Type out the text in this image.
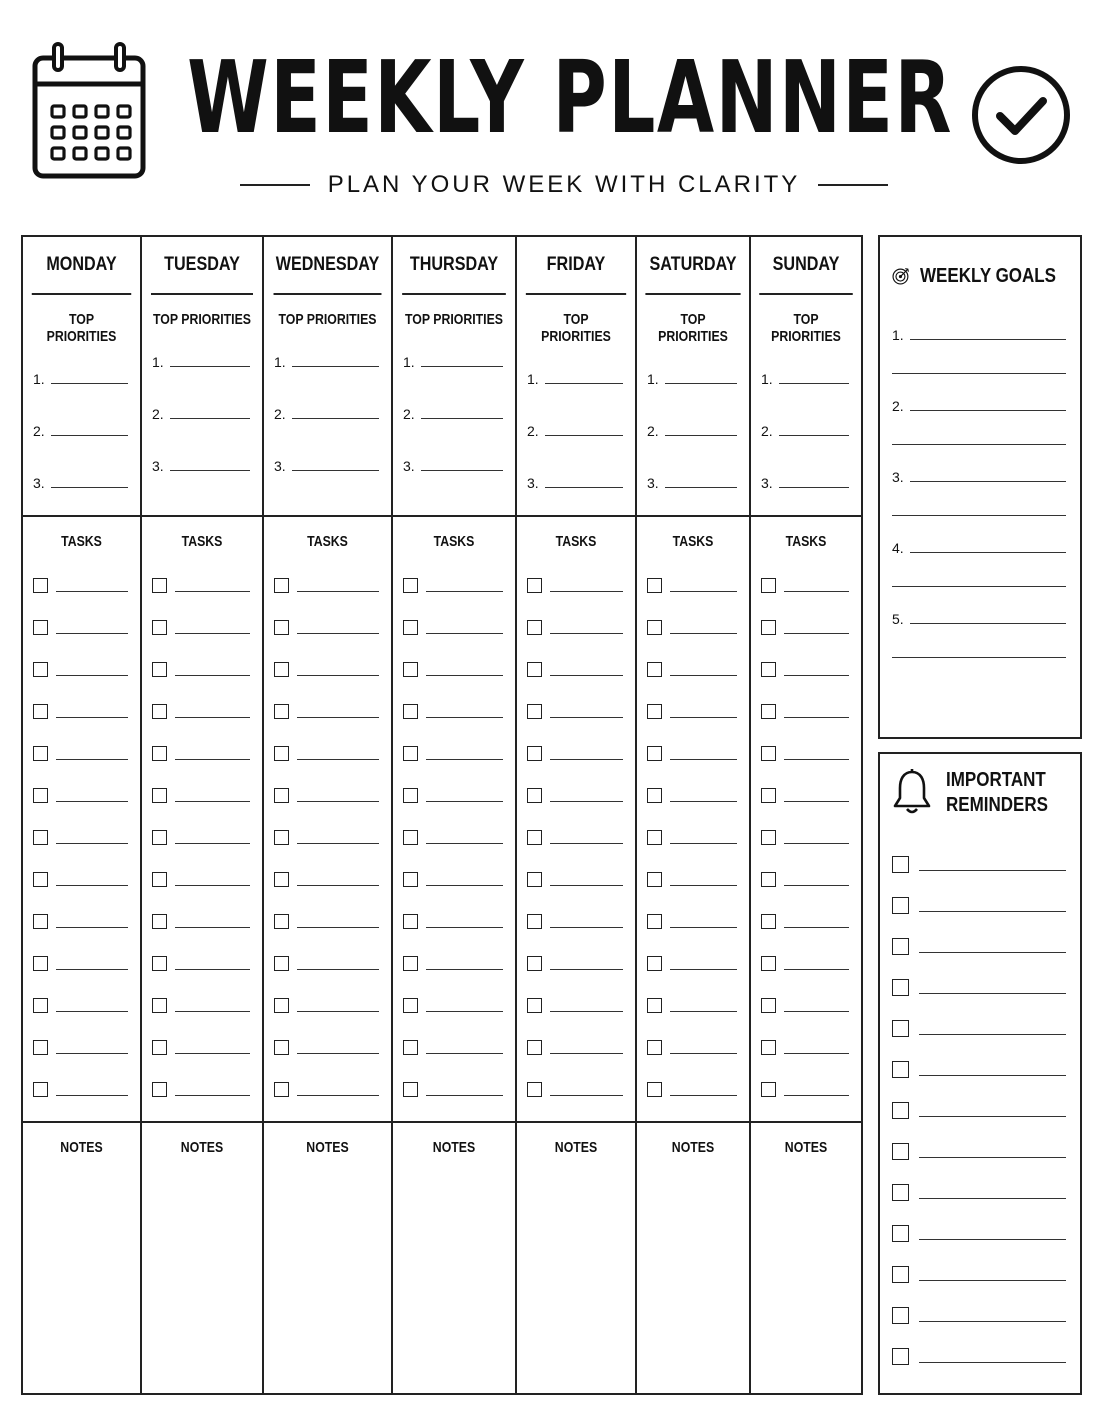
WEEKLY PLANNER
PLAN YOUR WEEK WITH CLARITY
MONDAY
TOP PRIORITIES
1.
2.
3.
TASKS
NOTES
TUESDAY
TOP PRIORITIES
1.
2.
3.
TASKS
NOTES
WEDNESDAY
TOP PRIORITIES
1.
2.
3.
TASKS
NOTES
THURSDAY
TOP PRIORITIES
1.
2.
3.
TASKS
NOTES
FRIDAY
TOP PRIORITIES
1.
2.
3.
TASKS
NOTES
SATURDAY
TOP PRIORITIES
1.
2.
3.
TASKS
NOTES
SUNDAY
TOP PRIORITIES
1.
2.
3.
TASKS
NOTES
WEEKLY GOALS
1.
2.
3.
4.
5.
IMPORTANT
REMINDERS
